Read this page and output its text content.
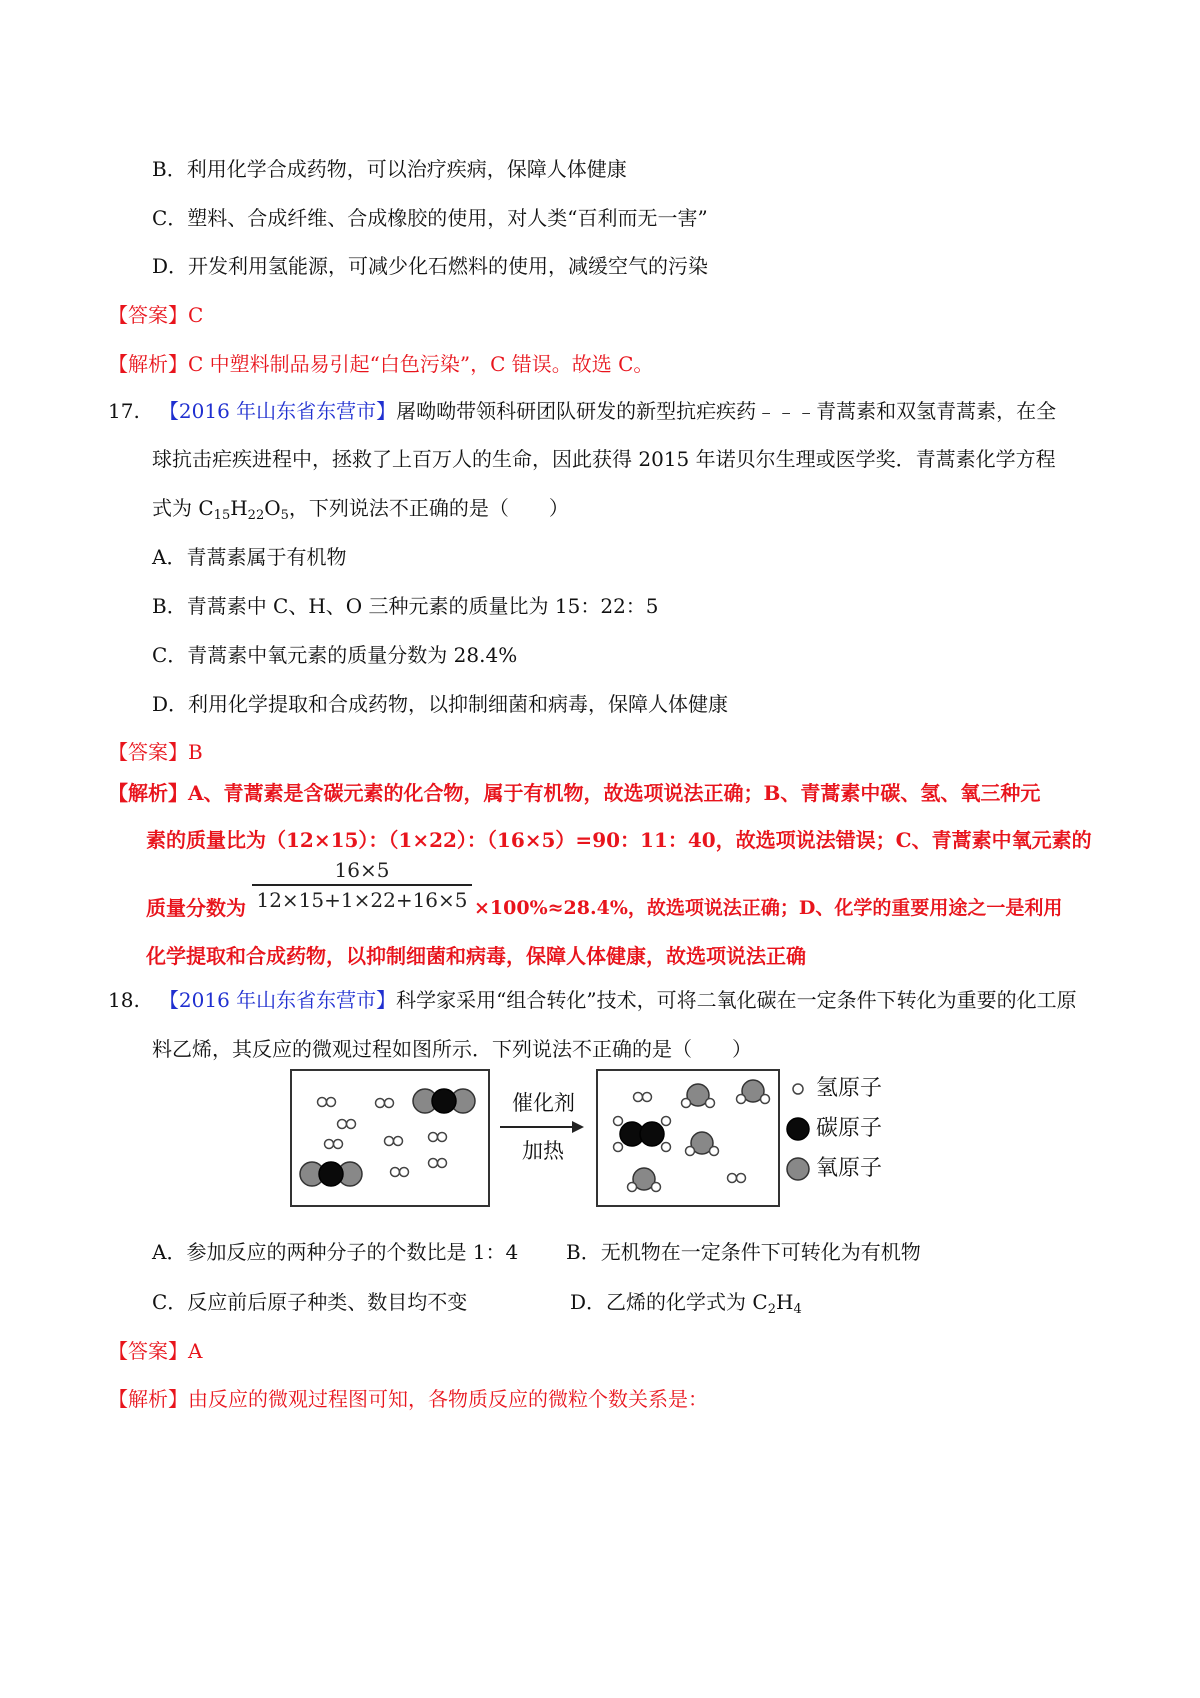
B．利用化学合成药物，可以治疗疾病，保障人体健康
C．塑料、合成纤维、合成橡胶的使用，对人类“百利而无一害”
D．开发利用氢能源，可减少化石燃料的使用，减缓空气的污染
【答案】C
【解析】C 中塑料制品易引起“白色污染”，C 错误。故选 C。
17. 【2016 年山东省东营市】屠呦呦带领科研团队研发的新型抗疟疾药﹣﹣﹣青蒿素和双氢青蒿素，在全
球抗击疟疾进程中，拯救了上百万人的生命，因此获得 2015 年诺贝尔生理或医学奖．青蒿素化学方程
式为 $C_{15}H_{22}O_5$，下列说法不正确的是（　　）
A．青蒿素属于有机物
B．青蒿素中 C、H、O 三种元素的质量比为 15：22：5
C．青蒿素中氧元素的质量分数为 28.4%
D．利用化学提取和合成药物，以抑制细菌和病毒，保障人体健康
【答案】B
【解析】A、青蒿素是含碳元素的化合物，属于有机物，故选项说法正确；B、青蒿素中碳、氢、氧三种元
素的质量比为（12×15）：（1×22）：（16×5）=90：11：40，故选项说法错误；C、青蒿素中氧元素的
质量分数为
16×5
12×15+1×22+16×5 ×100%≈28.4%，故选项说法正确；D、化学的重要用途之一是利用
化学提取和合成药物，以抑制细菌和病毒，保障人体健康，故选项说法正确
18. 【2016 年山东省东营市】科学家采用“组合转化”技术，可将二氧化碳在一定条件下转化为重要的化工原
料乙烯，其反应的微观过程如图所示．下列说法不正确的是（　　）
催化剂
加热
氢原子
碳原子
氧原子
A．参加反应的两种分子的个数比是 1：4 B．无机物在一定条件下可转化为有机物
C．反应前后原子种类、数目均不变	D．乙烯的化学式为 $C_2H_4$
【答案】A
【解析】由反应的微观过程图可知，各物质反应的微粒个数关系是：
